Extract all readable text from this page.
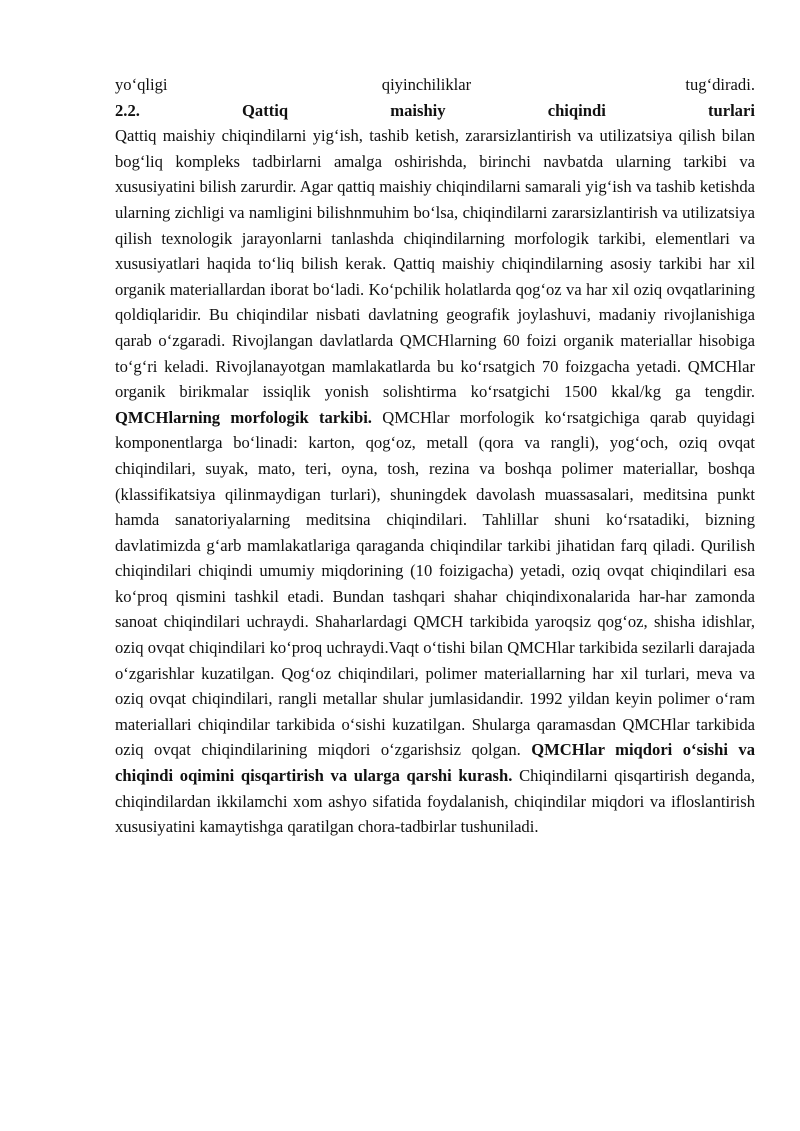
yo‘qligi	qiyinchiliklar	tug‘diradi.
2.2.	Qattiq	maishiy	chiqindi	turlari

Qattiq maishiy chiqindilarni yig‘ish, tashib ketish, zararsizlantirish va utilizatsiya qilish bilan bog‘liq kompleks tadbirlarni amalga oshirishda, birinchi navbatda ularning tarkibi va xususiyatini bilish zarurdir. Agar qattiq maishiy chiqindilarni samarali yig‘ish va tashib ketishda ularning zichligi va namligini bilishnmuhim bo‘lsa, chiqindilarni zararsizlantirish va utilizatsiya qilish texnologik jarayonlarni tanlashda chiqindilarning morfologik tarkibi, elementlari va xususiyatlari haqida to‘liq bilish kerak. Qattiq maishiy chiqindilarning asosiy tarkibi har xil organik materiallardan iborat bo‘ladi. Ko‘pchilik holatlarda qog‘oz va har xil oziq ovqatlarining qoldiqlaridir. Bu chiqindilar nisbati davlatning geografik joylashuvi, madaniy rivojlanishiga qarab o‘zgaradi. Rivojlangan davlatlarda QMCHlarning 60 foizi organik materiallar hisobiga to‘g‘ri keladi. Rivojlanayotgan mamlakatlarda bu ko‘rsatgich 70 foizgacha yetadi. QMCHlar organik birikmalar issiqlik yonish solishtirma ko‘rsatgichi 1500 kkal/kg ga tengdir. QMCHlarning morfologik tarkibi. QMCHlar morfologik ko‘rsatgichiga qarab quyidagi komponentlarga bo‘linadi: karton, qog‘oz, metall (qora va rangli), yog‘och, oziq ovqat chiqindilari, suyak, mato, teri, oyna, tosh, rezina va boshqa polimer materiallar, boshqa (klassifikatsiya qilinmaydigan turlari), shuningdek davolash muassasalari, meditsina punkt hamda sanatoriyalarning meditsina chiqindilari. Tahlillar shuni ko‘rsatadiki, bizning davlatimizda g‘arb mamlakatlariga qaraganda chiqindilar tarkibi jihatidan farq qiladi. Qurilish chiqindilari chiqindi umumiy miqdorining (10 foizigacha) yetadi, oziq ovqat chiqindilari esa ko‘proq qismini tashkil etadi. Bundan tashqari shahar chiqindixonalarida har-har zamonda sanoat chiqindilari uchraydi. Shaharlardagi QMCH tarkibida yaroqsiz qog‘oz, shisha idishlar, oziq ovqat chiqindilari ko‘proq uchraydi.Vaqt o‘tishi bilan QMCHlar tarkibida sezilarli darajada o‘zgarishlar kuzatilgan. Qog‘oz chiqindilari, polimer materiallarning har xil turlari, meva va oziq ovqat chiqindilari, rangli metallar shular jumlasidandir. 1992 yildan keyin polimer o‘ram materiallari chiqindilar tarkibida o‘sishi kuzatilgan. Shularga qaramasdan QMCHlar tarkibida oziq ovqat chiqindilarining miqdori o‘zgarishsiz qolgan. QMCHlar miqdori o‘sishi va chiqindi oqimini qisqartirish va ularga qarshi kurash. Chiqindilarni qisqartirish deganda, chiqindilardan ikkilamchi xom ashyo sifatida foydalanish, chiqindilar miqdori va ifloslantirish xususiyatini kamaytishga qaratilgan chora-tadbirlar tushuniladi.
